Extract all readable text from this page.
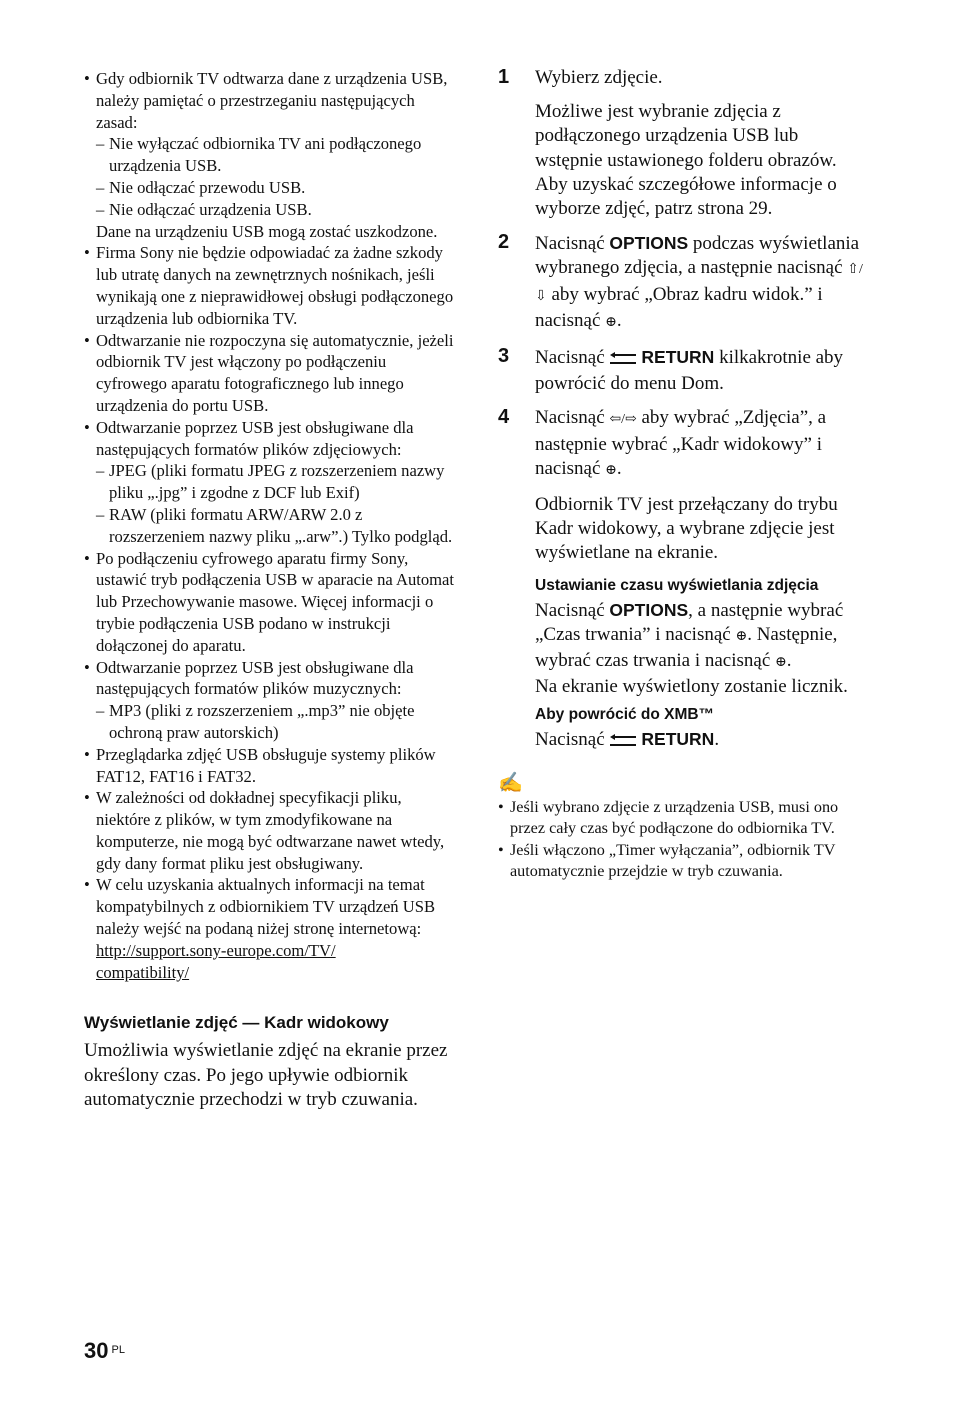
• Gdy odbiornik TV odtwarza dane z urządzenia USB, należy pamiętać o przestrzeganiu następujących zasad:
– Nie wyłączać odbiornika TV ani podłączonego urządzenia USB.
– Nie odłączać przewodu USB.
– Nie odłączać urządzenia USB.
Dane na urządzeniu USB mogą zostać uszkodzone.
• Firma Sony nie będzie odpowiadać za żadne szkody lub utratę danych na zewnętrznych nośnikach, jeśli wynikają one z nieprawidłowej obsługi podłączonego urządzenia lub odbiornika TV.
• Odtwarzanie nie rozpoczyna się automatycznie, jeżeli odbiornik TV jest włączony po podłączeniu cyfrowego aparatu fotograficznego lub innego urządzenia do portu USB.
• Odtwarzanie poprzez USB jest obsługiwane dla następujących formatów plików zdjęciowych:
– JPEG (pliki formatu JPEG z rozszerzeniem nazwy pliku „.jpg” i zgodne z DCF lub Exif)
– RAW (pliki formatu ARW/ARW 2.0 z rozszerzeniem nazwy pliku „.arw”.) Tylko podgląd.
• Po podłączeniu cyfrowego aparatu firmy Sony, ustawić tryb podłączenia USB w aparacie na Automat lub Przechowywanie masowe. Więcej informacji o trybie podłączenia USB podano w instrukcji dołączonej do aparatu.
• Odtwarzanie poprzez USB jest obsługiwane dla następujących formatów plików muzycznych:
– MP3 (pliki z rozszerzeniem „.mp3” nie objęte ochroną praw autorskich)
• Przeglądarka zdjęć USB obsługuje systemy plików FAT12, FAT16 i FAT32.
• W zależności od dokładnej specyfikacji pliku, niektóre z plików, w tym zmodyfikowane na komputerze, nie mogą być odtwarzane nawet wtedy, gdy dany format pliku jest obsługiwany.
• W celu uzyskania aktualnych informacji na temat kompatybilnych z odbiornikiem TV urządzeń USB należy wejść na podaną niżej stronę internetową:
http://support.sony-europe.com/TV/
compatibility/
Wyświetlanie zdjęć — Kadr widokowy
Umożliwia wyświetlanie zdjęć na ekranie przez określony czas. Po jego upływie odbiornik automatycznie przechodzi w tryb czuwania.
1 Wybierz zdjęcie.
Możliwe jest wybranie zdjęcia z podłączonego urządzenia USB lub wstępnie ustawionego folderu obrazów. Aby uzyskać szczegółowe informacje o wyborze zdjęć, patrz strona 29.
2 Nacisnąć OPTIONS podczas wyświetlania wybranego zdjęcia, a następnie nacisnąć ⇧/⇩ aby wybrać „Obraz kadru widok.” i nacisnąć ⊕.
3 Nacisnąć RETURN kilkakrotnie aby powrócić do menu Dom.
4 Nacisnąć ⇦/⇨ aby wybrać „Zdjęcia”, a następnie wybrać „Kadr widokowy” i nacisnąć ⊕.
Odbiornik TV jest przełączany do trybu Kadr widokowy, a wybrane zdjęcie jest wyświetlane na ekranie.
Ustawianie czasu wyświetlania zdjęcia
Nacisnąć OPTIONS, a następnie wybrać „Czas trwania” i nacisnąć ⊕. Następnie, wybrać czas trwania i nacisnąć ⊕.
Na ekranie wyświetlony zostanie licznik.
Aby powrócić do XMB™
Nacisnąć RETURN.
✍
• Jeśli wybrano zdjęcie z urządzenia USB, musi ono przez cały czas być podłączone do odbiornika TV.
• Jeśli włączono „Timer wyłączania”, odbiornik TV automatycznie przejdzie w tryb czuwania.
30 $^{PL}$
